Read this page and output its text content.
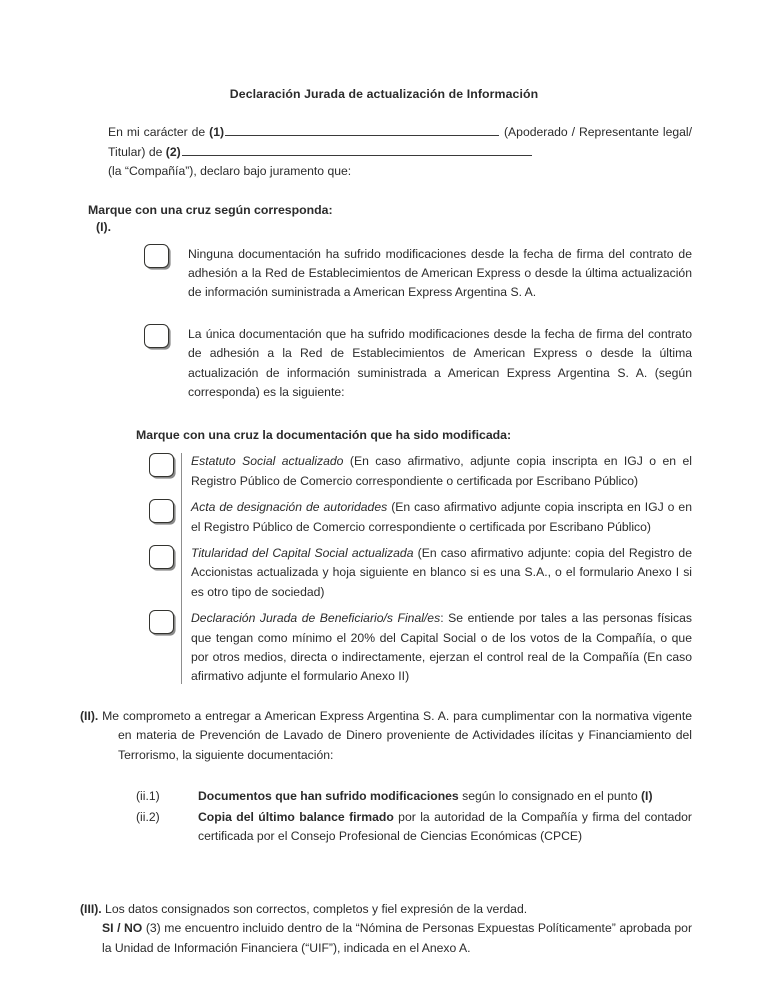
Declaración Jurada de actualización de Información

En mi carácter de (1)	(Apoderado / Representante legal/ Titular) de (2)
(la “Compañía”), declaro bajo juramento que:

Marque con una cruz según corresponda:

(I).

Ninguna documentación ha sufrido modificaciones desde la fecha de firma del contrato de adhesión a la Red de Establecimientos de American Express o desde la última actualización de información suministrada a American Express Argentina S. A.
La única documentación que ha sufrido modificaciones desde la fecha de firma del contrato de adhesión a la Red de Establecimientos de American Express o desde la última actualización de información suministrada a American Express Argentina S. A. (según corresponda) es la siguiente:

Marque con una cruz la documentación que ha sido modificada:

Estatuto Social actualizado (En caso afirmativo, adjunte copia inscripta en IGJ o en el Registro Público de Comercio correspondiente o certificada por Escribano Público)
Acta de designación de autoridades (En caso afirmativo adjunte copia inscripta en IGJ o en el Registro Público de Comercio correspondiente o certificada por Escribano Público)
Titularidad del Capital Social actualizada (En caso afirmativo adjunte: copia del Registro de Accionistas actualizada y hoja siguiente en blanco si es una S.A., o el formulario Anexo I si es otro tipo de sociedad)
Declaración Jurada de Beneficiario/s Final/es: Se entiende por tales a las personas físicas que tengan como mínimo el 20% del Capital Social o de los votos de la Compañía, o que por otros medios, directa o indirectamente, ejerzan el control real de la Compañía (En caso afirmativo adjunte el formulario Anexo II)

(II). Me comprometo a entregar a American Express Argentina S. A. para cumplimentar con la normativa vigente en materia de Prevención de Lavado de Dinero proveniente de Actividades ilícitas y Financiamiento del Terrorismo, la siguiente documentación:

(ii.1)	Documentos que han sufrido modificaciones según lo consignado en el punto (I)
(ii.2)	Copia del último balance firmado por la autoridad de la Compañía y firma del contador certificada por el Consejo Profesional de Ciencias Económicas (CPCE)

(III). Los datos consignados son correctos, completos y fiel expresión de la verdad.
SI / NO (3) me encuentro incluido dentro de la “Nómina de Personas Expuestas Políticamente” aprobada por la Unidad de Información Financiera (“UIF”), indicada en el Anexo A.
